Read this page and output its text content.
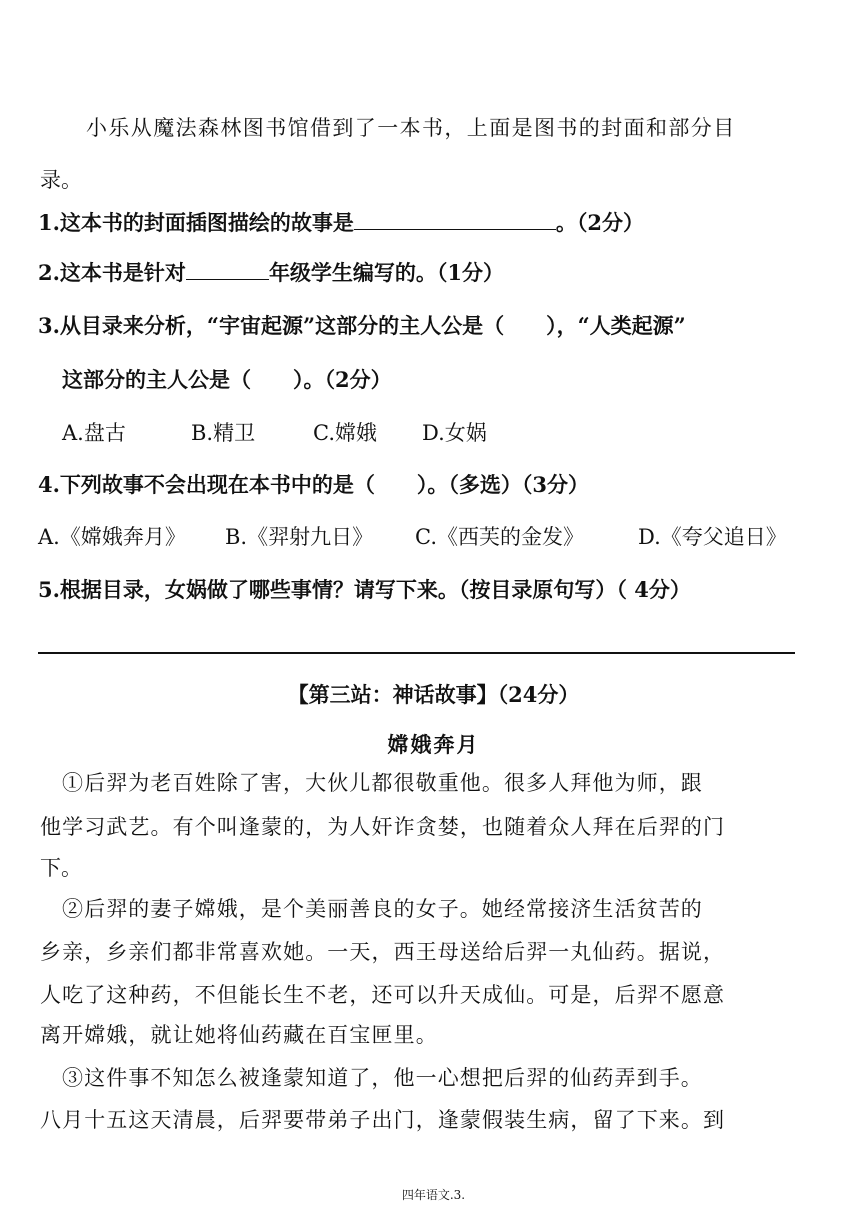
小乐从魔法森林图书馆借到了一本书，上面是图书的封面和部分目
录。
1.这本书的封面插图描绘的故事是	。（2分）
2.这本书是针对	年级学生编写的。（1分）
3.从目录来分析，“宇宙起源”这部分的主人公是（　　），“人类起源”
这部分的主人公是（　　）。（2分）
A.盘古	B.精卫	C.嫦娥 D.女娲
4.下列故事不会出现在本书中的是（　　）。（多选）（3分）
A.《嫦娥奔月》 B.《羿射九日》 C.《西芙的金发》	D.《夸父追日》
5.根据目录，女娲做了哪些事情？请写下来。（按目录原句写）（ 4分）
【第三站：神话故事】（24分）
嫦娥奔月
①后羿为老百姓除了害，大伙儿都很敬重他。很多人拜他为师，跟
他学习武艺。有个叫逢蒙的，为人奸诈贪婪，也随着众人拜在后羿的门
下。
②后羿的妻子嫦娥，是个美丽善良的女子。她经常接济生活贫苦的
乡亲，乡亲们都非常喜欢她。一天，西王母送给后羿一丸仙药。据说，
人吃了这种药，不但能长生不老，还可以升天成仙。可是，后羿不愿意
离开嫦娥，就让她将仙药藏在百宝匣里。
③这件事不知怎么被逢蒙知道了，他一心想把后羿的仙药弄到手。
八月十五这天清晨，后羿要带弟子出门，逢蒙假装生病，留了下来。到
四年语文.3.
